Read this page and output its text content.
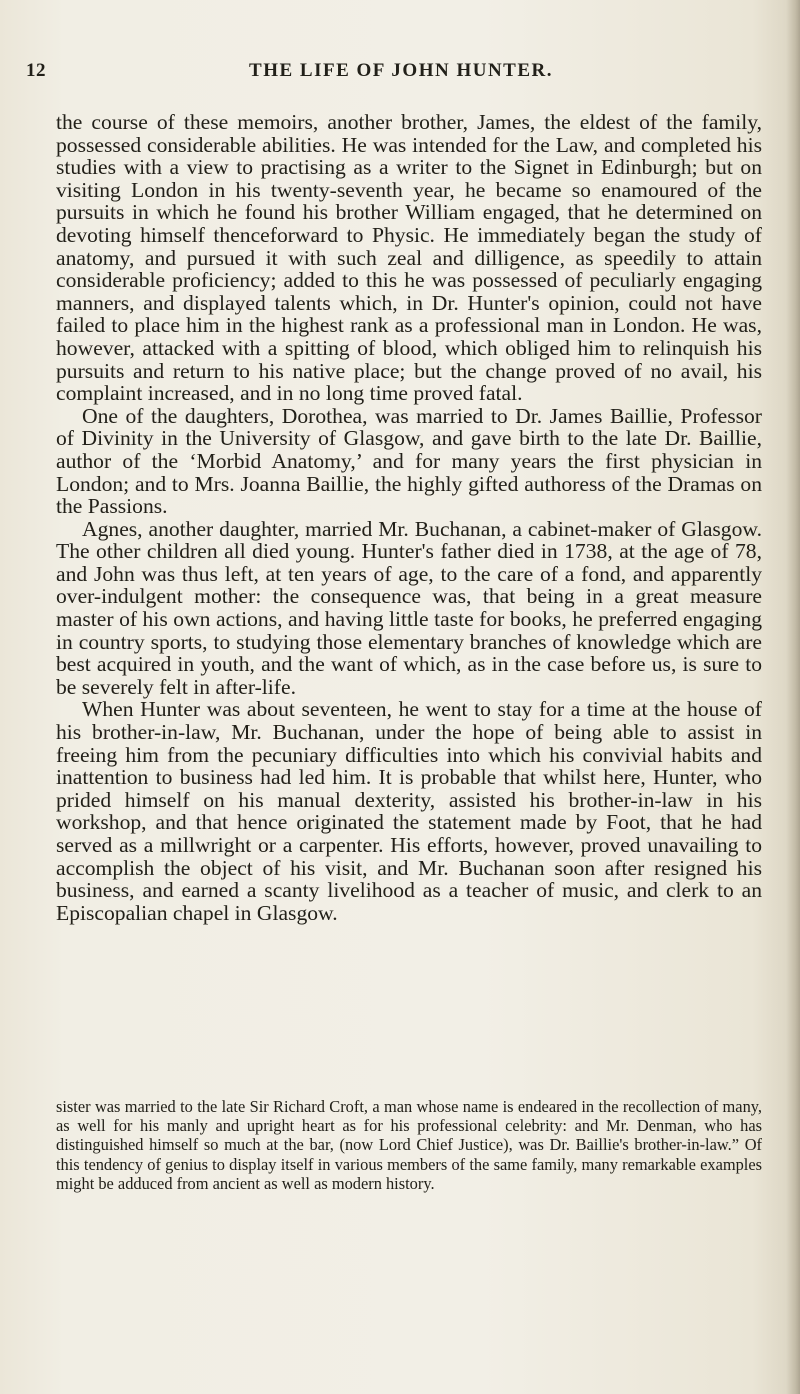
12	THE LIFE OF JOHN HUNTER.

the course of these memoirs, another brother, James, the eldest of the family, possessed considerable abilities. He was intended for the Law, and completed his studies with a view to practising as a writer to the Signet in Edinburgh; but on visiting London in his twenty-seventh year, he became so enamoured of the pursuits in which he found his brother William engaged, that he determined on devoting himself thenceforward to Physic. He immediately began the study of anatomy, and pursued it with such zeal and dilligence, as speedily to attain considerable proficiency; added to this he was possessed of peculiarly engaging manners, and displayed talents which, in Dr. Hunter's opinion, could not have failed to place him in the highest rank as a professional man in London. He was, however, attacked with a spitting of blood, which obliged him to relinquish his pursuits and return to his native place; but the change proved of no avail, his complaint increased, and in no long time proved fatal.

One of the daughters, Dorothea, was married to Dr. James Baillie, Professor of Divinity in the University of Glasgow, and gave birth to the late Dr. Baillie, author of the ‘Morbid Anatomy,’ and for many years the first physician in London; and to Mrs. Joanna Baillie, the highly gifted authoress of the Dramas on the Passions.

Agnes, another daughter, married Mr. Buchanan, a cabinet-maker of Glasgow. The other children all died young. Hunter's father died in 1738, at the age of 78, and John was thus left, at ten years of age, to the care of a fond, and apparently over-indulgent mother: the consequence was, that being in a great measure master of his own actions, and having little taste for books, he preferred engaging in country sports, to studying those elementary branches of knowledge which are best acquired in youth, and the want of which, as in the case before us, is sure to be severely felt in after-life.

When Hunter was about seventeen, he went to stay for a time at the house of his brother-in-law, Mr. Buchanan, under the hope of being able to assist in freeing him from the pecuniary difficulties into which his convivial habits and inattention to business had led him. It is probable that whilst here, Hunter, who prided himself on his manual dexterity, assisted his brother-in-law in his workshop, and that hence originated the statement made by Foot, that he had served as a millwright or a carpenter. His efforts, however, proved unavailing to accomplish the object of his visit, and Mr. Buchanan soon after resigned his business, and earned a scanty livelihood as a teacher of music, and clerk to an Episcopalian chapel in Glasgow.

sister was married to the late Sir Richard Croft, a man whose name is endeared in the recollection of many, as well for his manly and upright heart as for his professional celebrity: and Mr. Denman, who has distinguished himself so much at the bar, (now Lord Chief Justice), was Dr. Baillie's brother-in-law.” Of this tendency of genius to display itself in various members of the same family, many remarkable examples might be adduced from ancient as well as modern history.
